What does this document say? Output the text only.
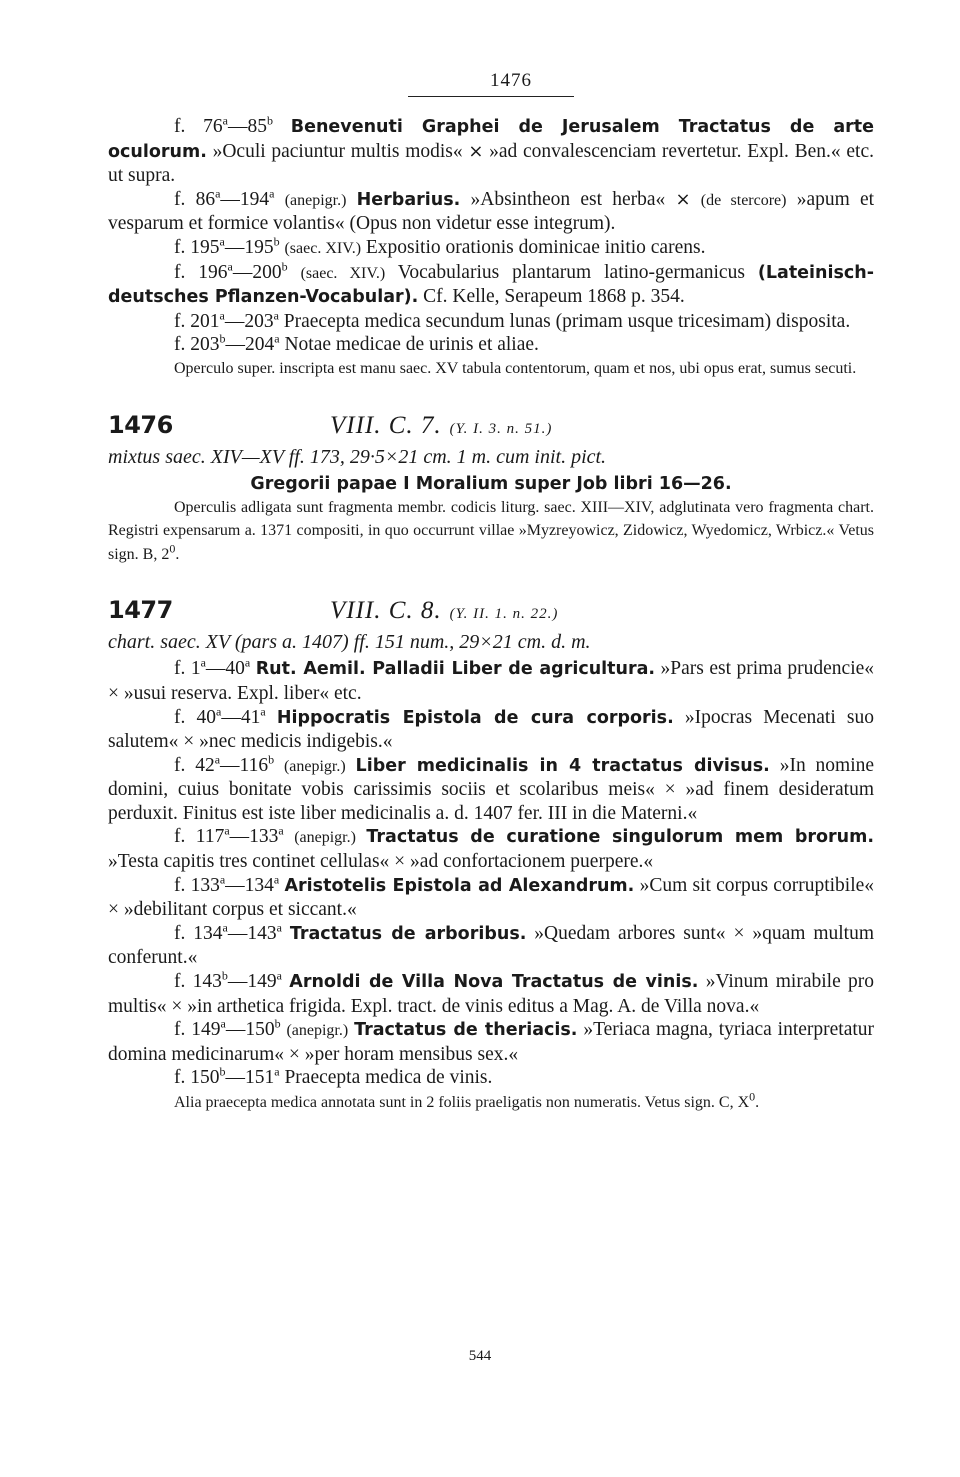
1476

f. 76$^a$—85$^b$ Benevenuti Graphei de Jerusalem Tractatus de arte oculorum. »Oculi paciuntur multis modis« × »ad convalescenciam revertetur. Expl. Ben.« etc. ut supra.

f. 86$^a$—194$^a$ (anepigr.) Herbarius. »Absintheon est herba« × (de stercore) »apum et vesparum et formice volantis« (Opus non videtur esse integrum).

f. 195$^a$—195$^b$ (saec. XIV.) Expositio orationis dominicae initio carens.

f. 196$^a$—200$^b$ (saec. XIV.) Vocabularius plantarum latino-germanicus (Lateinisch-deutsches Pflanzen-Vocabular). Cf. Kelle, Serapeum 1868 p. 354.

f. 201$^a$—203$^a$ Praecepta medica secundum lunas (primam usque tricesimam) disposita.

f. 203$^b$—204$^a$ Notae medicae de urinis et aliae.

Operculo super. inscripta est manu saec. XV tabula contentorum, quam et nos, ubi opus erat, sumus secuti.

1476	VIII. C. 7. (Y. I. 3. n. 51.)
mixtus saec. XIV—XV ff. 173, 29·5×21 cm. 1 m. cum init. pict.
Gregorii papae I Moralium super Job libri 16—26.

Operculis adligata sunt fragmenta membr. codicis liturg. saec. XIII—XIV, adglutinata vero fragmenta chart. Registri expensarum a. 1371 compositi, in quo occurrunt villae »Myzreyowicz, Zidowicz, Wyedomicz, Wrbicz.« Vetus sign. B, $2^0$.

1477	VIII. C. 8. (Y. II. 1. n. 22.)
chart. saec. XV (pars a. 1407) ff. 151 num., 29×21 cm. d. m.

f. 1$^a$—40$^a$ Rut. Aemil. Palladii Liber de agricultura. »Pars est prima prudencie« × »usui reserva. Expl. liber« etc.

f. 40$^a$—41$^a$ Hippocratis Epistola de cura corporis. »Ipocras Mecenati suo salutem« × »nec medicis indigebis.«

f. 42$^a$—116$^b$ (anepigr.) Liber medicinalis in 4 tractatus divisus. »In nomine domini, cuius bonitate vobis carissimis sociis et scolaribus meis« × »ad finem desideratum perduxit. Finitus est iste liber medicinalis a. d. 1407 fer. III in die Materni.«

f. 117$^a$—133$^a$ (anepigr.) Tractatus de curatione singulorum mem brorum. »Testa capitis tres continet cellulas« × »ad confortacionem puerpere.«

f. 133$^a$—134$^a$ Aristotelis Epistola ad Alexandrum. »Cum sit corpus corruptibile« × »debilitant corpus et siccant.«

f. 134$^a$—143$^a$ Tractatus de arboribus. »Quedam arbores sunt« × »quam multum conferunt.«

f. 143$^b$—149$^a$ Arnoldi de Villa Nova Tractatus de vinis. »Vinum mirabile pro multis« × »in arthetica frigida. Expl. tract. de vinis editus a Mag. A. de Villa nova.«

f. 149$^a$—150$^b$ (anepigr.) Tractatus de theriacis. »Teriaca magna, tyriaca interpretatur domina medicinarum« × »per horam mensibus sex.«

f. 150$^b$—151$^a$ Praecepta medica de vinis.

Alia praecepta medica annotata sunt in 2 foliis praeligatis non numeratis. Vetus sign. C, $X^0$.

544
